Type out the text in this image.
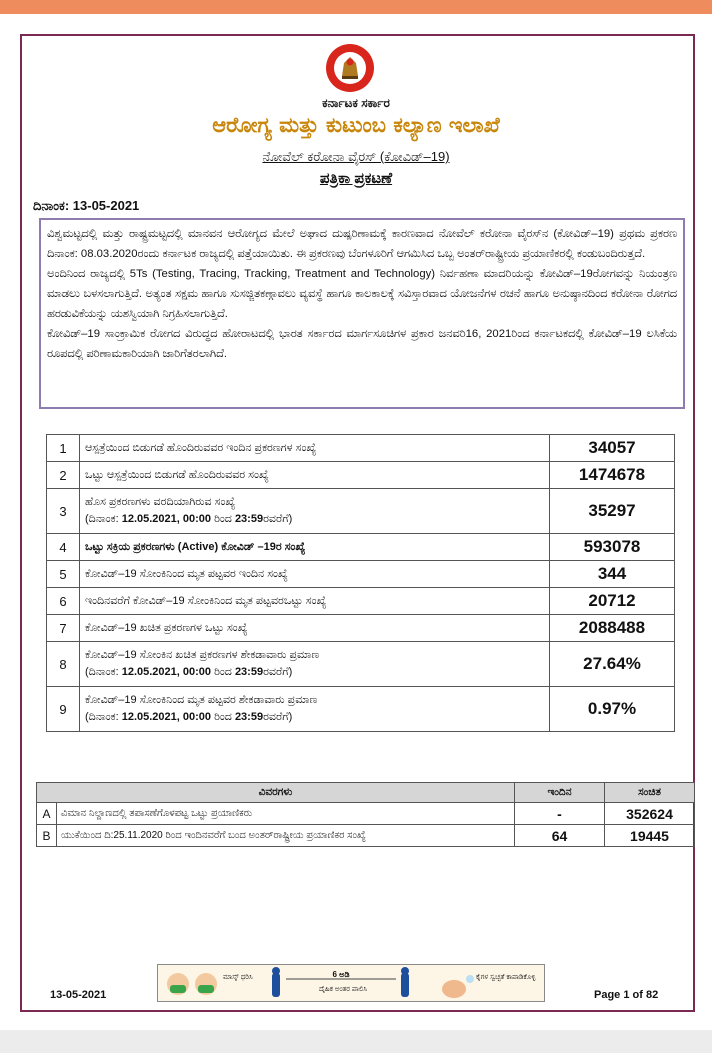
ಕರ್ನಾಟಕ ಸರ್ಕಾರ
ಆರೋಗ್ಯ ಮತ್ತು ಕುಟುಂಬ ಕಲ್ಯಾಣ ಇಲಾಖೆ
ನೋವೆಲ್ ಕರೋನಾ ವೈರಸ್ (ಕೋವಿಡ್–19)
ಪತ್ರಿಕಾ ಪ್ರಕಟಣೆ
ದಿನಾಂಕ: 13-05-2021

ವಿಶ್ವಮಟ್ಟದಲ್ಲಿ ಮತ್ತು ರಾಷ್ಟ್ರಮಟ್ಟದಲ್ಲಿ ಮಾನವನ ಆರೋಗ್ಯದ ಮೇಲೆ ಅಘಾದ ದುಷ್ಪರಿಣಾಮಕ್ಕೆ ಕಾರಣವಾದ ನೋವೆಲ್ ಕರೋನಾ ವೈರಸ್‌ನ (ಕೋವಿಡ್–19) ಪ್ರಥಮ ಪ್ರಕರಣ ದಿನಾಂಕ: 08.03.2020ರಂದು ಕರ್ನಾಟಕ ರಾಜ್ಯದಲ್ಲಿ ಪತ್ತೆಯಾಯಿತು. ಈ ಪ್ರಕರಣವು ಬೆಂಗಳೂರಿಗೆ ಆಗಮಿಸಿದ ಒಬ್ಬ ಅಂತರ್‌ರಾಷ್ಟ್ರೀಯ ಪ್ರಯಾಣಿಕರಲ್ಲಿ ಕಂಡುಬಂದಿರುತ್ತದೆ.

ಅಂದಿನಿಂದ ರಾಜ್ಯದಲ್ಲಿ 5Ts (Testing, Tracing, Tracking, Treatment and Technology) ನಿರ್ವಹಣಾ ಮಾದರಿಯನ್ನು ಕೋವಿಡ್–19ರೋಗವನ್ನು ನಿಯಂತ್ರಣ ಮಾಡಲು ಬಳಸಲಾಗುತ್ತಿದೆ. ಅತ್ಯಂತ ಸಕ್ಷಮ ಹಾಗೂ ಸುಸಜ್ಜಿತಕಣ್ಗಾವಲು ವ್ಯವಸ್ಥೆ ಹಾಗೂ ಕಾಲಕಾಲಕ್ಕೆ ಸವಿಸ್ತಾರವಾದ ಯೋಜನೆಗಳ ರಚನೆ ಹಾಗೂ ಅನುಷ್ಠಾನದಿಂದ ಕರೋನಾ ರೋಗದ ಹರಡುವಿಕೆಯನ್ನು ಯಶಸ್ವಿಯಾಗಿ ನಿಗ್ರಹಿಸಲಾಗುತ್ತಿದೆ.

ಕೋವಿಡ್–19 ಸಾಂಕ್ರಾಮಿಕ ರೋಗದ ವಿರುದ್ಧದ ಹೋರಾಟದಲ್ಲಿ ಭಾರತ ಸರ್ಕಾರದ ಮಾರ್ಗಸೂಚಿಗಳ ಪ್ರಕಾರ ಜನವರಿ16, 2021ರಿಂದ ಕರ್ನಾಟಕದಲ್ಲಿ ಕೋವಿಡ್–19 ಲಸಿಕೆಯ ರೂಪದಲ್ಲಿ ಪರಿಣಾಮಕಾರಿಯಾಗಿ ಜಾರಿಗೆತರಲಾಗಿದೆ.

1	ಆಸ್ಪತ್ರೆಯಿಂದ ಬಿಡುಗಡೆ ಹೊಂದಿರುವವರ ಇಂದಿನ ಪ್ರಕರಣಗಳ ಸಂಖ್ಯೆ	34057
2	ಒಟ್ಟು ಆಸ್ಪತ್ರೆಯಿಂದ ಬಿಡುಗಡೆ ಹೊಂದಿರುವವರ ಸಂಖ್ಯೆ	1474678
3	ಹೊಸ ಪ್ರಕರಣಗಳು ವರದಿಯಾಗಿರುವ ಸಂಖ್ಯೆ
(ದಿನಾಂಕ: 12.05.2021, 00:00 ರಿಂದ 23:59ರವರೆಗೆ)	35297
4	ಒಟ್ಟು ಸಕ್ರಿಯ ಪ್ರಕರಣಗಳು (Active) ಕೋವಿಡ್ –19ರ ಸಂಖ್ಯೆ	593078
5	ಕೋವಿಡ್–19 ಸೋಂಕಿನಿಂದ ಮೃತ ಪಟ್ಟವರ ಇಂದಿನ ಸಂಖ್ಯೆ	344
6	ಇಂದಿನವರೆಗೆ ಕೋವಿಡ್–19 ಸೋಂಕಿನಿಂದ ಮೃತ ಪಟ್ಟವರಒಟ್ಟು ಸಂಖ್ಯೆ	20712
7	ಕೋವಿಡ್–19 ಖಚಿತ ಪ್ರಕರಣಗಳ ಒಟ್ಟು ಸಂಖ್ಯೆ	2088488
8	ಕೋವಿಡ್–19 ಸೋಂಕಿನ ಖಚಿತ ಪ್ರಕರಣಗಳ ಶೇಕಡಾವಾರು ಪ್ರಮಾಣ
(ದಿನಾಂಕ: 12.05.2021, 00:00 ರಿಂದ 23:59ರವರೆಗೆ)	27.64%
9	ಕೋವಿಡ್–19 ಸೋಂಕಿನಿಂದ ಮೃತ ಪಟ್ಟವರ ಶೇಕಡಾವಾರು ಪ್ರಮಾಣ
(ದಿನಾಂಕ: 12.05.2021, 00:00 ರಿಂದ 23:59ರವರೆಗೆ)	0.97%
ವಿವರಗಳು		ಇಂದಿನ	ಸಂಚಿತ
A	ವಿಮಾನ ನಿಲ್ದಾಣದಲ್ಲಿ ತಪಾಸಣೆಗೊಳಪಟ್ಟ ಒಟ್ಟು ಪ್ರಯಾಣಿಕರು	-	352624
B	ಯುಕೆಯಿಂದ ದಿ:25.11.2020 ರಿಂದ ಇಂದಿನವರೆಗೆ ಬಂದ ಅಂತರ್‌ರಾಷ್ಟ್ರೀಯ ಪ್ರಯಾಣಿಕರ ಸಂಖ್ಯೆ	64	19445
ಮಾಸ್ಕ್ ಧರಿಸಿ	6 ಅಡಿ
ದೈಹಿಕ ಅಂತರ ಪಾಲಿಸಿ
ಕೈಗಳ ಸ್ವಚ್ಛತೆ ಕಾಪಾಡಿಕೊಳ್ಳಿ
13-05-2021	Page 1 of 82
